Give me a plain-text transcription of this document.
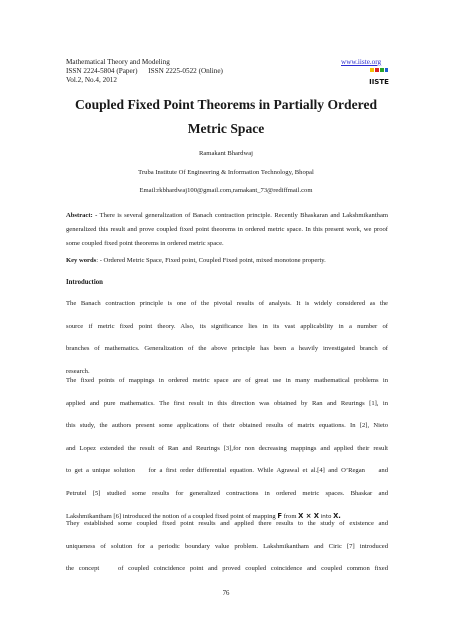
Mathematical Theory and Modeling
ISSN 2224-5804 (Paper)      ISSN 2225-0522 (Online)
Vol.2, No.4, 2012
www.iiste.org
IISTE
Coupled Fixed Point Theorems in Partially Ordered
Metric Space
Ramakant Bhardwaj
Truba Institute Of Engineering & Information Technology, Bhopal
Email:rkbhardwaj100@gmail.com,ramakant_73@rediffmail.com
Abstract: - There is several generalization of Banach contraction principle. Recently Bhaskaran and Lakshmikantham generalized this result and prove coupled fixed point theorems in ordered metric space. In this present work, we proof some coupled fixed point theorems in ordered metric space.
Key words: - Ordered Metric Space, Fixed point, Coupled Fixed point, mixed monotone property.
Introduction
The Banach contraction principle is one of the pivotal results of analysis. It is widely considered as the
source if metric fixed point theory. Also, its significance lies in its vast applicability in a number of
branches of mathematics. Generalization of the above principle has been a heavily investigated branch of
research.
The fixed points of mappings in ordered metric space are of great use in many mathematical problems in
applied and pure mathematics. The first result in this direction was obtained by Ran and Reurings [1], in
this study, the authors present some applications of their obtained results of matrix equations. In [2], Nieto
and Lopez extended the result of Ran and Reurings [3],for non decreasing mappings and applied their result
to get a unique solution    for a first order differential equation. While Agrawal et al.[4] and O’Regan    and
Petrutel [5] studied some results for generalized contractions in ordered metric spaces. Bhaskar and
Lakshmikantham [6] introduced the notion of a coupled fixed point of mapping F from X × X into X.
They established some coupled fixed point results and applied there results to the study of existence and
uniqueness of solution for a periodic boundary value problem. Lakshmikantham and Ciric [7] introduced
the concept    of coupled coincidence point and proved coupled coincidence and coupled common fixed
76
